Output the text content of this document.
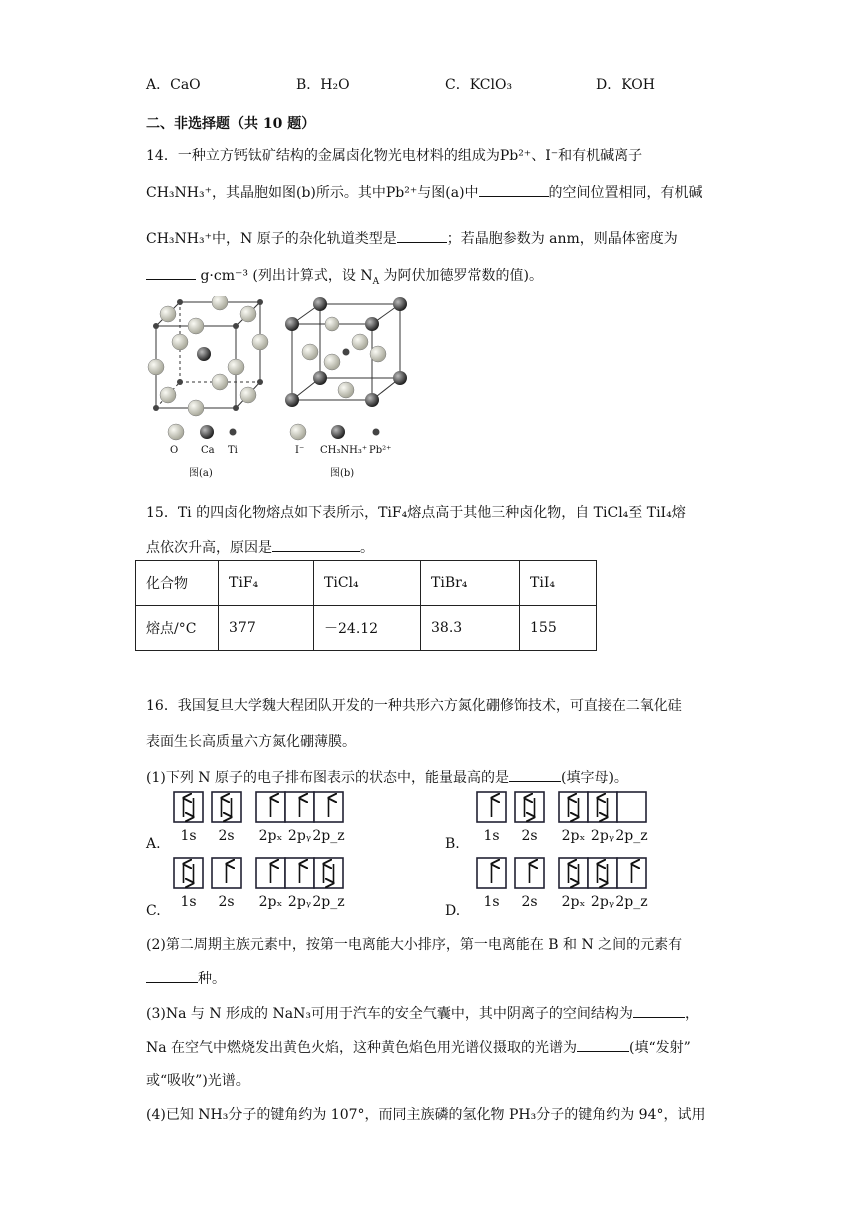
A．CaO	B．H₂O	C．KClO₃	D．KOH
二、非选择题（共 10 题）
14．一种立方钙钛矿结构的金属卤化物光电材料的组成为Pb²⁺、I⁻和有机碱离子
CH₃NH₃⁺，其晶胞如图(b)所示。其中Pb²⁺与图(a)中	的空间位置相同，有机碱
CH₃NH₃⁺中，N 原子的杂化轨道类型是	；若晶胞参数为 anm，则晶体密度为
g·cm⁻³ (列出计算式，设 $N_A$ 为阿伏加德罗常数的值)。
O Ca Ti
图(a)
I⁻ CH₃NH₃⁺ Pb²⁺
图(b)
15．Ti 的四卤化物熔点如下表所示，TiF₄熔点高于其他三种卤化物，自 TiCl₄至 TiI₄熔
点依次升高，原因是	。
化合物	TiF₄	TiCl₄	TiBr₄	TiI₄
熔点/°C	377	－24.12	38.3	155
16．我国复旦大学魏大程团队开发的一种共形六方氮化硼修饰技术，可直接在二氧化硅
表面生长高质量六方氮化硼薄膜。
(1)下列 N 原子的电子排布图表示的状态中，能量最高的是	(填字母)。
A.	B.
C.	D.
1s 2s 2pₓ 2pᵧ 2p_z	1s 2s 2pₓ 2pᵧ 2p_z
1s 2s 2pₓ 2pᵧ 2p_z	1s 2s 2pₓ 2pᵧ 2p_z
(2)第二周期主族元素中，按第一电离能大小排序，第一电离能在 B 和 N 之间的元素有
种。
(3)Na 与 N 形成的 NaN₃可用于汽车的安全气囊中，其中阴离子的空间结构为	，
Na 在空气中燃烧发出黄色火焰，这种黄色焰色用光谱仪摄取的光谱为	(填“发射”
或“吸收”)光谱。
(4)已知 NH₃分子的键角约为 107°，而同主族磷的氢化物 PH₃分子的键角约为 94°，试用
